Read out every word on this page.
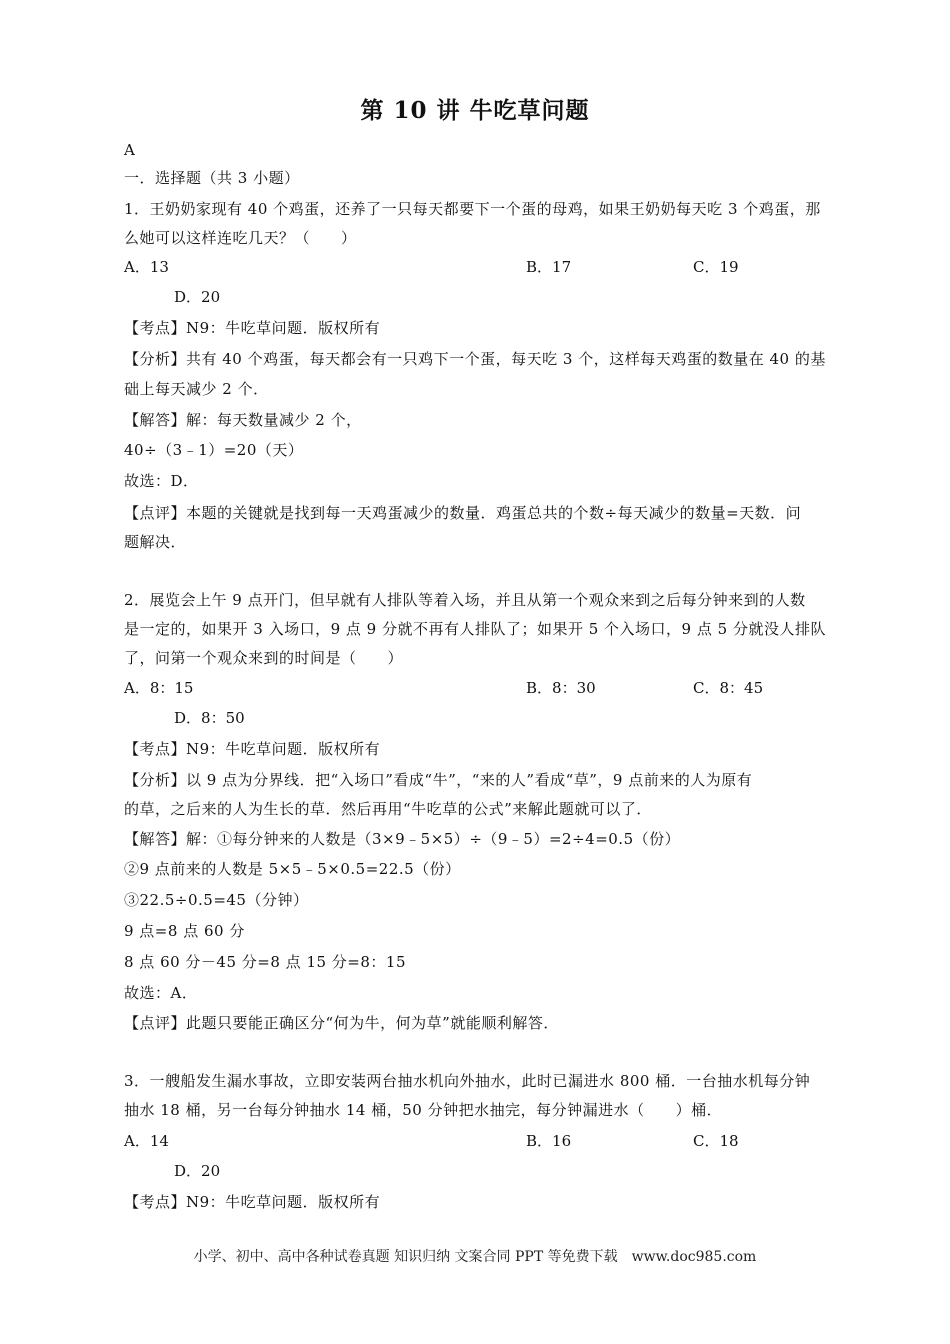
第 10 讲 牛吃草问题
A
一．选择题（共 3 小题）
1．王奶奶家现有 40 个鸡蛋，还养了一只每天都要下一个蛋的母鸡，如果王奶奶每天吃 3 个鸡蛋，那
么她可以这样连吃几天？（　　）
A．13	B．17	C．19
D．20
【考点】N9：牛吃草问题．版权所有
【分析】共有 40 个鸡蛋，每天都会有一只鸡下一个蛋，每天吃 3 个，这样每天鸡蛋的数量在 40 的基
础上每天减少 2 个．
【解答】解：每天数量减少 2 个，
40÷（3﹣1）=20（天）
故选：D．
【点评】本题的关键就是找到每一天鸡蛋减少的数量．鸡蛋总共的个数÷每天减少的数量=天数．问
题解决．
2．展览会上午 9 点开门，但早就有人排队等着入场，并且从第一个观众来到之后每分钟来到的人数
是一定的，如果开 3 入场口，9 点 9 分就不再有人排队了；如果开 5 个入场口，9 点 5 分就没人排队
了，问第一个观众来到的时间是（　　）
A．8：15	B．8：30	C．8：45
D．8：50
【考点】N9：牛吃草问题．版权所有
【分析】以 9 点为分界线．把“入场口”看成“牛”，“来的人”看成“草”，9 点前来的人为原有
的草，之后来的人为生长的草．然后再用“牛吃草的公式”来解此题就可以了．
【解答】解：①每分钟来的人数是（3×9﹣5×5）÷（9﹣5）=2÷4=0.5（份）
②9 点前来的人数是 5×5﹣5×0.5=22.5（份）
③22.5÷0.5=45（分钟）
9 点=8 点 60 分
8 点 60 分－45 分=8 点 15 分=8：15
故选：A．
【点评】此题只要能正确区分“何为牛，何为草”就能顺利解答．
3．一艘船发生漏水事故，立即安装两台抽水机向外抽水，此时已漏进水 800 桶．一台抽水机每分钟
抽水 18 桶，另一台每分钟抽水 14 桶，50 分钟把水抽完，每分钟漏进水（　　）桶．
A．14	B．16	C．18
D．20
【考点】N9：牛吃草问题．版权所有
小学、初中、高中各种试卷真题 知识归纳 文案合同 PPT 等免费下载　www.doc985.com
